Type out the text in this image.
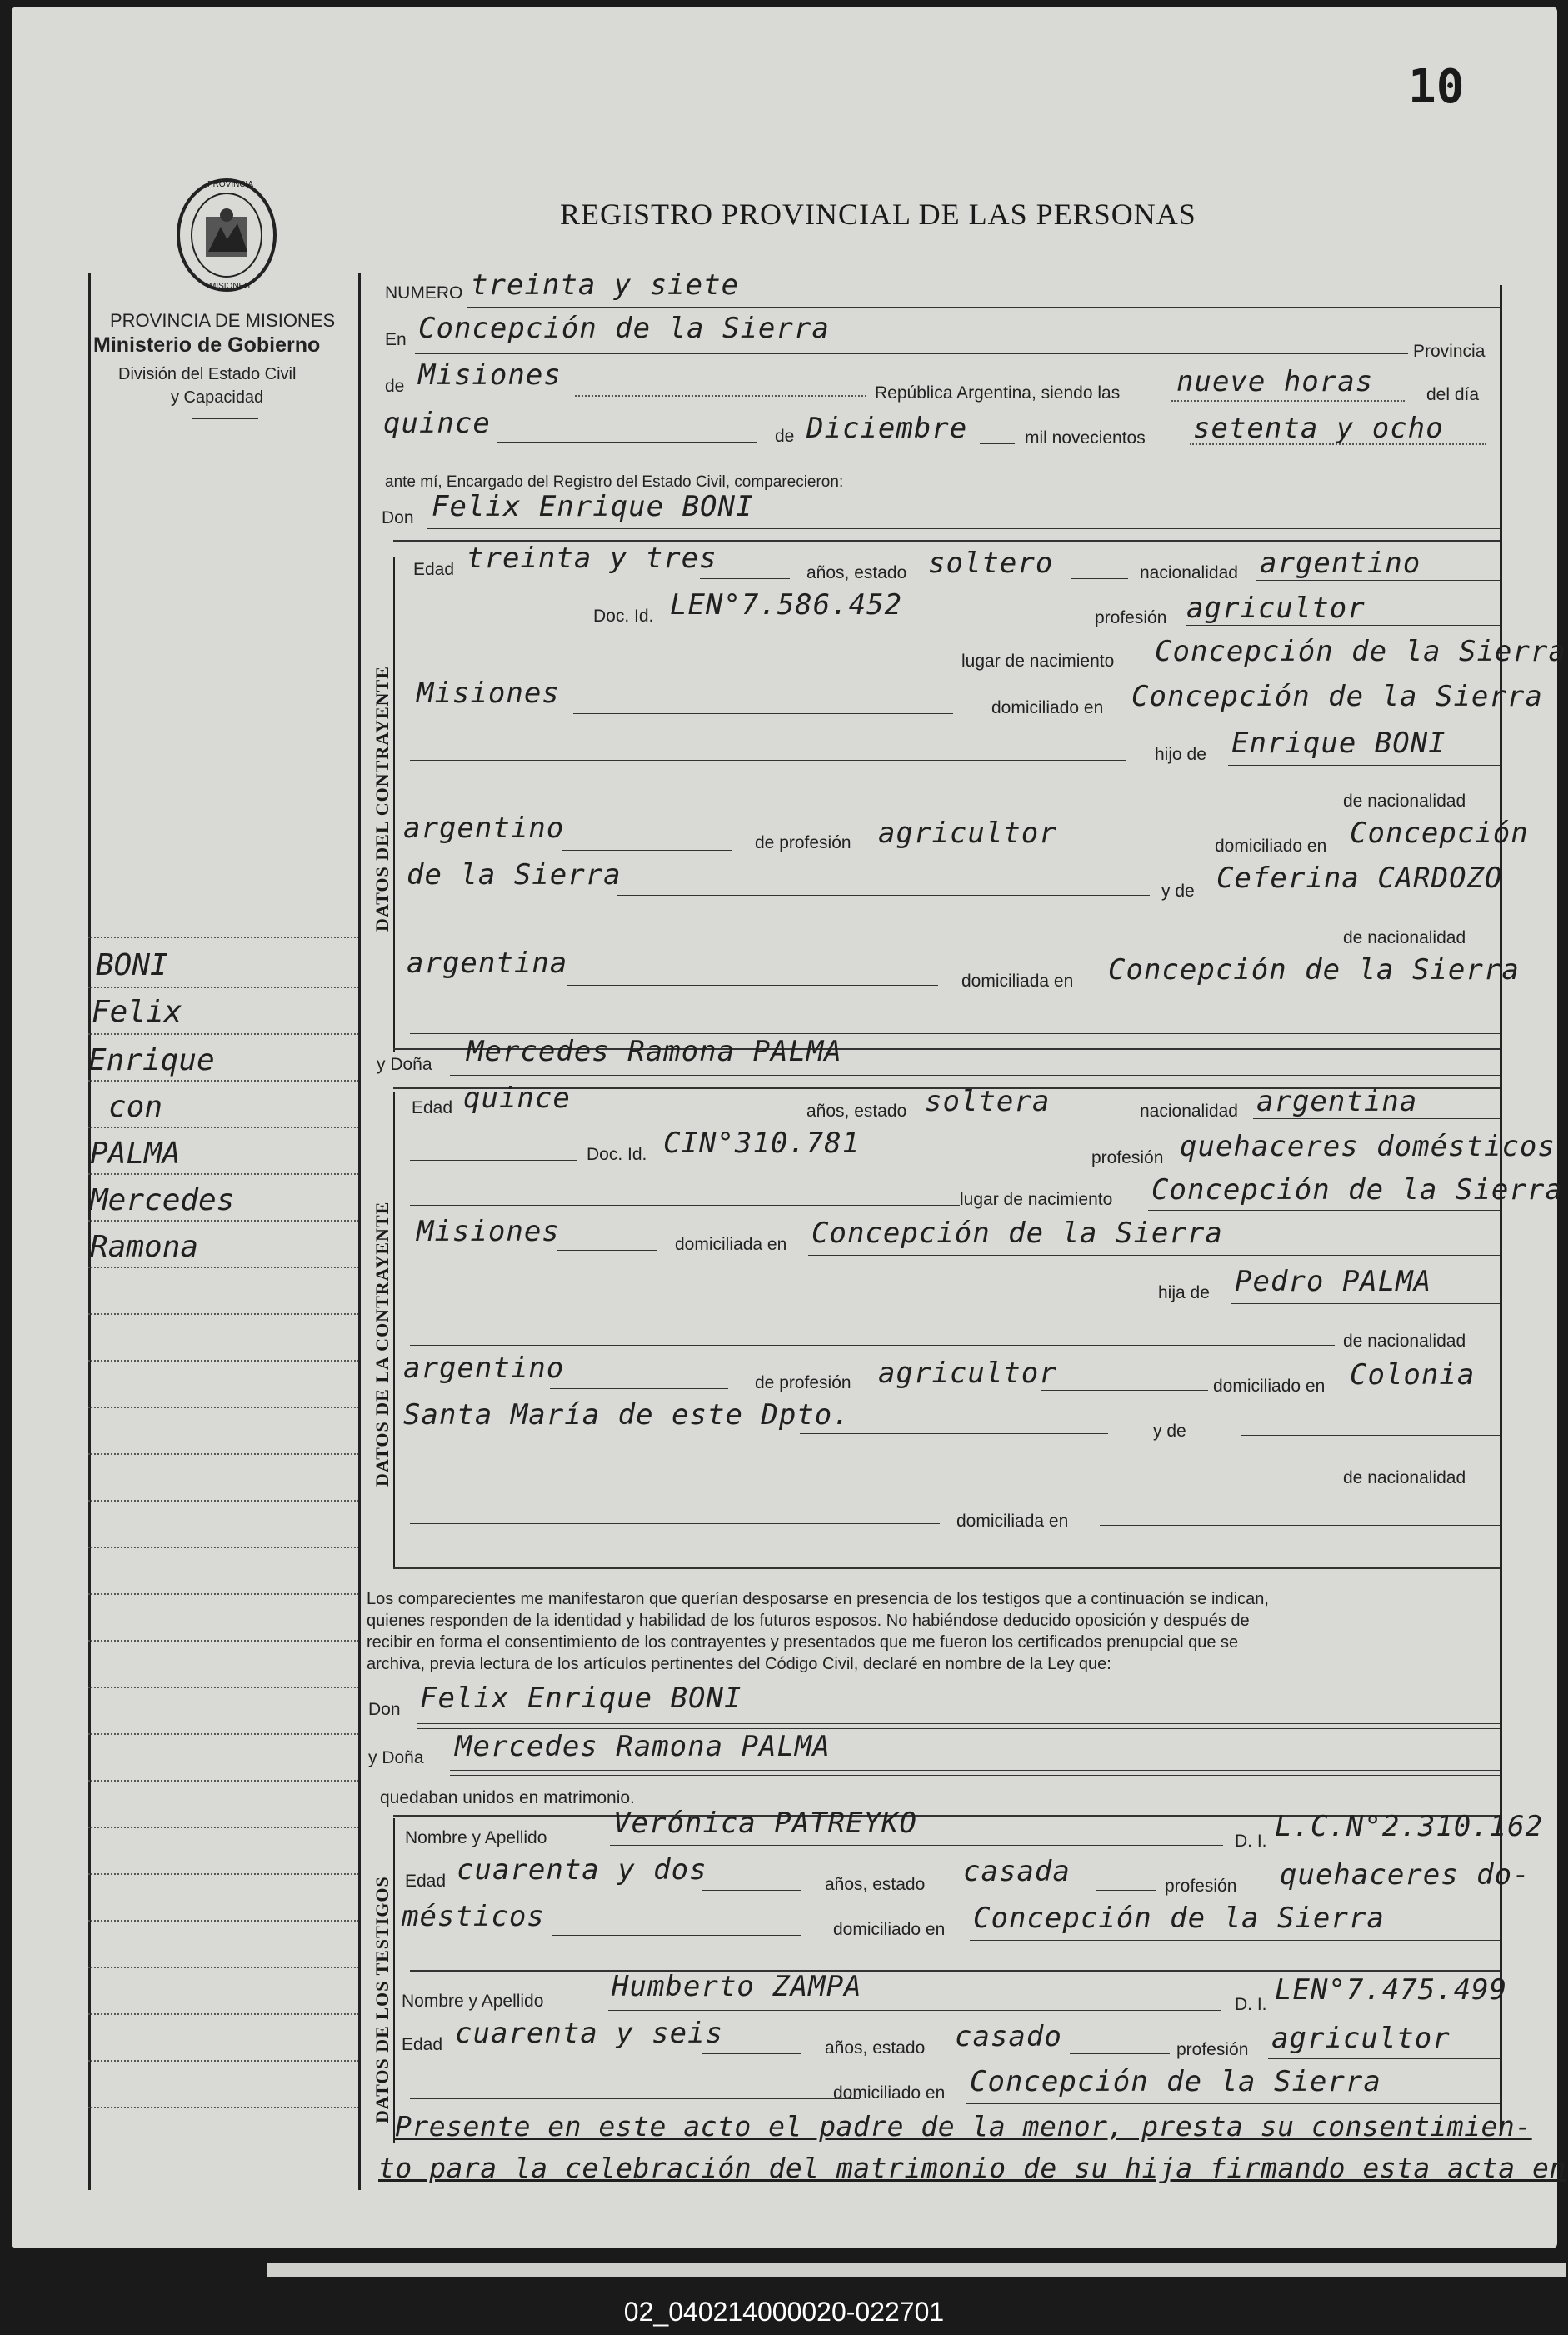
10
PROVINCIA
MISIONES
PROVINCIA DE MISIONES
Ministerio de Gobierno
División del Estado Civil
y Capacidad
REGISTRO PROVINCIAL DE LAS PERSONAS
BONI
Felix
Enrique
con
PALMA
Mercedes
Ramona
DATOS DEL CONTRAYENTE
DATOS DE LA CONTRAYENTE
DATOS DE LOS TESTIGOS
NUMERO treinta y siete
En Concepción de la Sierra
Provincia
de Misiones
República Argentina, siendo las nueve horas	del día
quince	de Diciembre	mil novecientos setenta y ocho
ante mí, Encargado del Registro del Estado Civil, comparecieron:
Don Felix Enrique BONI
Edad treinta y tres	años, estado soltero	nacionalidad argentino
Doc. Id. LEN°7.586.452	profesión agricultor
lugar de nacimiento Concepción de la Sierra
Misiones	domiciliado en Concepción de la Sierra
hijo de Enrique BONI
de nacionalidad
argentino	de profesión agricultor	domiciliado en Concepción
de la Sierra	y de Ceferina CARDOZO
de nacionalidad
argentina
domiciliada en Concepción de la Sierra
y Doña Mercedes Ramona PALMA
Edad quince	años, estado soltera	nacionalidad argentina
Doc. Id. CIN°310.781	profesión quehaceres domésticos
lugar de nacimiento Concepción de la Sierra
Misiones	domiciliada en Concepción de la Sierra
hija de Pedro PALMA
de nacionalidad
argentino	de profesión agricultor	domiciliado en Colonia
Santa María de este Dpto.	y de
de nacionalidad
domiciliada en
Los comparecientes me manifestaron que querían desposarse en presencia de los testigos que a continuación se indican,
quienes responden de la identidad y habilidad de los futuros esposos. No habiéndose deducido oposición y después de
recibir en forma el consentimiento de los contrayentes y presentados que me fueron los certificados prenupcial que se
archiva, previa lectura de los artículos pertinentes del Código Civil, declaré en nombre de la Ley que:
Don Felix Enrique BONI
y Doña Mercedes Ramona PALMA
quedaban unidos en matrimonio.
Nombre y Apellido Verónica PATREYKO
D. I. L.C.N°2.310.162
Edad cuarenta y dos	años, estado casada	profesión quehaceres do-
mésticos	domiciliado en Concepción de la Sierra
Nombre y Apellido Humberto ZAMPA
D. I. LEN°7.475.499
Edad cuarenta y seis	años, estado casado	profesión agricultor
domiciliado en Concepción de la Sierra
Presente en este acto el padre de la menor, presta su consentimien-
to para la celebración del matrimonio de su hija firmando esta acta en
02_040214000020-022701
